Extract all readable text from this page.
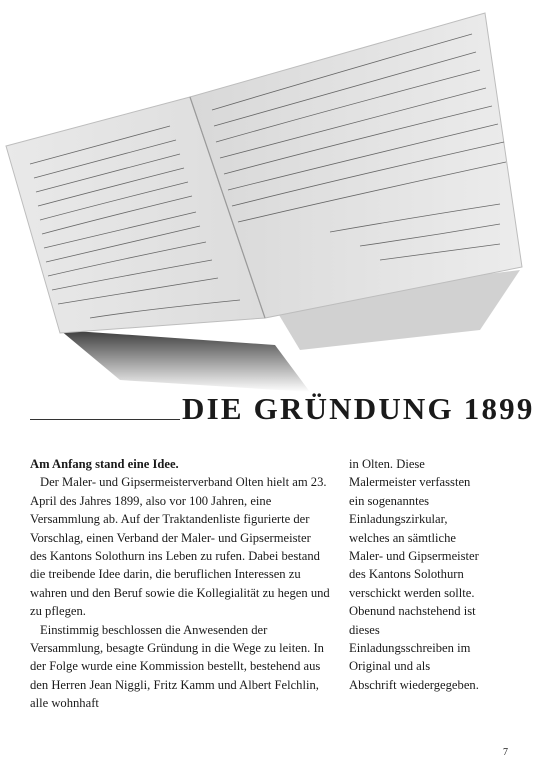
DIE GRÜNDUNG 1899

Am Anfang stand eine Idee.

Der Maler- und Gipsermeisterverband Olten hielt am 23. April des Jahres 1899, also vor 100 Jahren, eine Versammlung ab. Auf der Traktandenliste figurierte der Vorschlag, einen Verband der Maler- und Gipsermeister des Kantons Solothurn ins Leben zu rufen. Dabei bestand die treibende Idee darin, die beruflichen Interessen zu wahren und den Beruf sowie die Kollegialität zu hegen und zu pflegen.

Einstimmig beschlossen die Anwesenden der Versammlung, besagte Gründung in die Wege zu leiten. In der Folge wurde eine Kommission bestellt, bestehend aus den Herren Jean Niggli, Fritz Kamm und Albert Felchlin, alle wohnhaft

in Olten. Diese Malermeister verfassten ein sogenanntes Einladungszirkular, welches an sämtliche Maler- und Gipsermeister des Kantons Solothurn verschickt werden sollte. Obenund nachstehend ist dieses Einladungsschreiben im Original und als Abschrift wiedergegeben.

7
